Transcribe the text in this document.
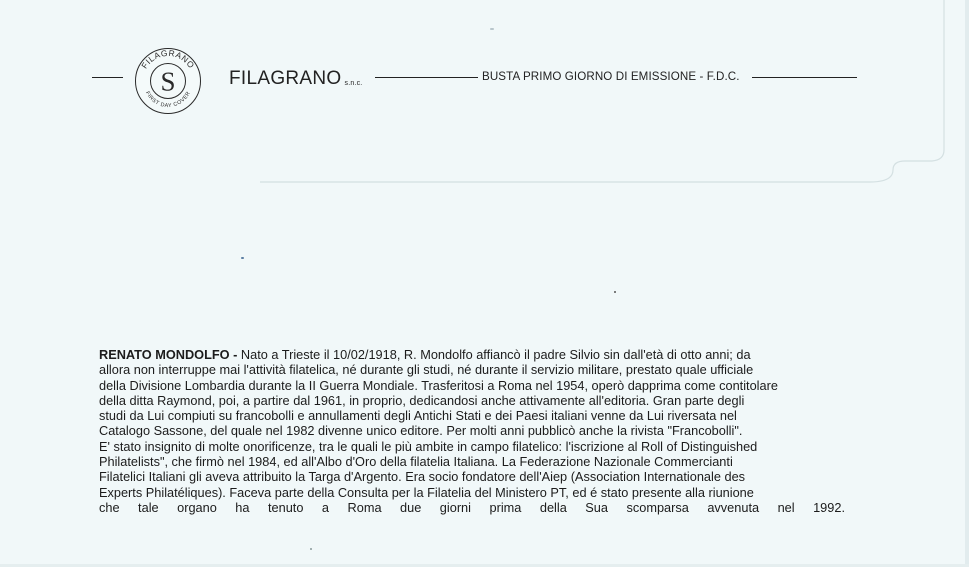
FILAGRANO
FIRST DAY COVER
S	FILAGRANO s.n.c.
BUSTA PRIMO GIORNO DI EMISSIONE - F.D.C.
RENATO MONDOLFO - Nato a Trieste il 10/02/1918, R. Mondolfo affiancò il padre Silvio sin dall'età di otto anni; da
allora non interruppe mai l'attività filatelica, né durante gli studi, né durante il servizio militare, prestato quale ufficiale
della Divisione Lombardia durante la II Guerra Mondiale. Trasferitosi a Roma nel 1954, operò dapprima come contitolare
della ditta Raymond, poi, a partire dal 1961, in proprio, dedicandosi anche attivamente all'editoria. Gran parte degli
studi da Lui compiuti su francobolli e annullamenti degli Antichi Stati e dei Paesi italiani venne da Lui riversata nel
Catalogo Sassone, del quale nel 1982 divenne unico editore. Per molti anni pubblicò anche la rivista "Francobolli".
E' stato insignito di molte onorificenze, tra le quali le più ambite in campo filatelico: l'iscrizione al Roll of Distinguished
Philatelists", che firmò nel 1984, ed all'Albo d'Oro della filatelia Italiana. La Federazione Nazionale Commercianti
Filatelici Italiani gli aveva attribuito la Targa d'Argento. Era socio fondatore dell'Aiep (Association Internationale des
Experts Philatéliques). Faceva parte della Consulta per la Filatelia del Ministero PT, ed é stato presente alla riunione
che tale organo ha tenuto a Roma due giorni prima della Sua scomparsa avvenuta nel 1992.
